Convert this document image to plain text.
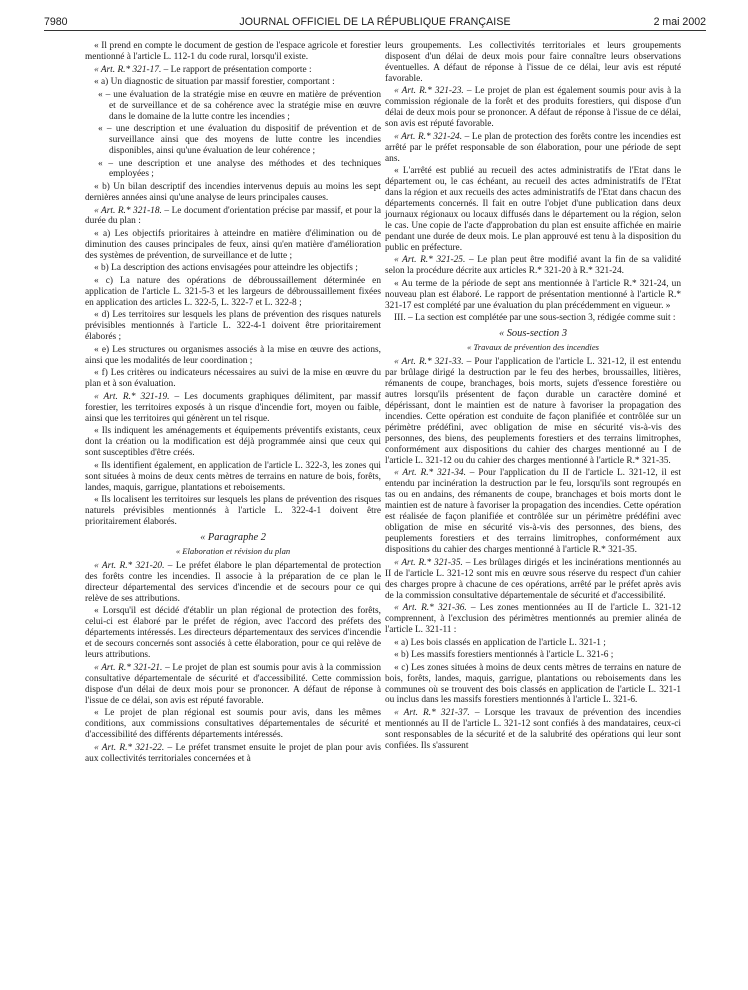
7980	JOURNAL OFFICIEL DE LA RÉPUBLIQUE FRANÇAISE	2 mai 2002
« Il prend en compte le document de gestion de l'espace agricole et forestier mentionné à l'article L. 112-1 du code rural, lorsqu'il existe.
« Art. R.* 321-17. – Le rapport de présentation comporte :
« a) Un diagnostic de situation par massif forestier, comportant :
« – une évaluation de la stratégie mise en œuvre en matière de prévention et de surveillance et de sa cohérence avec la stratégie mise en œuvre dans le domaine de la lutte contre les incendies ;
« – une description et une évaluation du dispositif de prévention et de surveillance ainsi que des moyens de lutte contre les incendies disponibles, ainsi qu'une évaluation de leur cohérence ;
« – une description et une analyse des méthodes et des techniques employées ;
« b) Un bilan descriptif des incendies intervenus depuis au moins les sept dernières années ainsi qu'une analyse de leurs principales causes.
« Art. R.* 321-18. – Le document d'orientation précise par massif, et pour la durée du plan :
« a) Les objectifs prioritaires à atteindre en matière d'élimination ou de diminution des causes principales de feux, ainsi qu'en matière d'amélioration des systèmes de prévention, de surveillance et de lutte ;
« b) La description des actions envisagées pour atteindre les objectifs ;
« c) La nature des opérations de débroussaillement déterminée en application de l'article L. 321-5-3 et les largeurs de débroussaillement fixées en application des articles L. 322-5, L. 322-7 et L. 322-8 ;
« d) Les territoires sur lesquels les plans de prévention des risques naturels prévisibles mentionnés à l'article L. 322-4-1 doivent être prioritairement élaborés ;
« e) Les structures ou organismes associés à la mise en œuvre des actions, ainsi que les modalités de leur coordination ;
« f) Les critères ou indicateurs nécessaires au suivi de la mise en œuvre du plan et à son évaluation.
« Art. R.* 321-19. – Les documents graphiques délimitent, par massif forestier, les territoires exposés à un risque d'incendie fort, moyen ou faible, ainsi que les territoires qui génèrent un tel risque.
« Ils indiquent les aménagements et équipements préventifs existants, ceux dont la création ou la modification est déjà programmée ainsi que ceux qui sont susceptibles d'être créés.
« Ils identifient également, en application de l'article L. 322-3, les zones qui sont situées à moins de deux cents mètres de terrains en nature de bois, forêts, landes, maquis, garrigue, plantations et reboisements.
« Ils localisent les territoires sur lesquels les plans de prévention des risques naturels prévisibles mentionnés à l'article L. 322-4-1 doivent être prioritairement élaborés.
« Paragraphe 2
« Elaboration et révision du plan
« Art. R.* 321-20. – Le préfet élabore le plan départemental de protection des forêts contre les incendies. Il associe à la préparation de ce plan le directeur départemental des services d'incendie et de secours pour ce qui relève de ses attributions.
« Lorsqu'il est décidé d'établir un plan régional de protection des forêts, celui-ci est élaboré par le préfet de région, avec l'accord des préfets des départements intéressés. Les directeurs départementaux des services d'incendie et de secours concernés sont associés à cette élaboration, pour ce qui relève de leurs attributions.
« Art. R.* 321-21. – Le projet de plan est soumis pour avis à la commission consultative départementale de sécurité et d'accessibilité. Cette commission dispose d'un délai de deux mois pour se prononcer. A défaut de réponse à l'issue de ce délai, son avis est réputé favorable.
« Le projet de plan régional est soumis pour avis, dans les mêmes conditions, aux commissions consultatives départementales de sécurité et d'accessibilité des différents départements intéressés.
« Art. R.* 321-22. – Le préfet transmet ensuite le projet de plan pour avis aux collectivités territoriales concernées et à
leurs groupements. Les collectivités territoriales et leurs groupements disposent d'un délai de deux mois pour faire connaître leurs observations éventuelles. A défaut de réponse à l'issue de ce délai, leur avis est réputé favorable.
« Art. R.* 321-23. – Le projet de plan est également soumis pour avis à la commission régionale de la forêt et des produits forestiers, qui dispose d'un délai de deux mois pour se prononcer. A défaut de réponse à l'issue de ce délai, son avis est réputé favorable.
« Art. R.* 321-24. – Le plan de protection des forêts contre les incendies est arrêté par le préfet responsable de son élaboration, pour une période de sept ans.
« L'arrêté est publié au recueil des actes administratifs de l'Etat dans le département ou, le cas échéant, au recueil des actes administratifs de l'Etat dans la région et aux recueils des actes administratifs de l'Etat dans chacun des départements concernés. Il fait en outre l'objet d'une publication dans deux journaux régionaux ou locaux diffusés dans le département ou la région, selon le cas. Une copie de l'acte d'approbation du plan est ensuite affichée en mairie pendant une durée de deux mois. Le plan approuvé est tenu à la disposition du public en préfecture.
« Art. R.* 321-25. – Le plan peut être modifié avant la fin de sa validité selon la procédure décrite aux articles R.* 321-20 à R.* 321-24.
« Au terme de la période de sept ans mentionnée à l'article R.* 321-24, un nouveau plan est élaboré. Le rapport de présentation mentionné à l'article R.* 321-17 est complété par une évaluation du plan précédemment en vigueur. »
III. – La section est complétée par une sous-section 3, rédigée comme suit :
« Sous-section 3
« Travaux de prévention des incendies
« Art. R.* 321-33. – Pour l'application de l'article L. 321-12, il est entendu par brûlage dirigé la destruction par le feu des herbes, broussailles, litières, rémanents de coupe, branchages, bois morts, sujets d'essence forestière ou autres lorsqu'ils présentent de façon durable un caractère dominé et dépérissant, dont le maintien est de nature à favoriser la propagation des incendies. Cette opération est conduite de façon planifiée et contrôlée sur un périmètre prédéfini, avec obligation de mise en sécurité vis-à-vis des personnes, des biens, des peuplements forestiers et des terrains limitrophes, conformément aux dispositions du cahier des charges mentionné au I de l'article L. 321-12 ou du cahier des charges mentionné à l'article R.* 321-35.
« Art. R.* 321-34. – Pour l'application du II de l'article L. 321-12, il est entendu par incinération la destruction par le feu, lorsqu'ils sont regroupés en tas ou en andains, des rémanents de coupe, branchages et bois morts dont le maintien est de nature à favoriser la propagation des incendies. Cette opération est réalisée de façon planifiée et contrôlée sur un périmètre prédéfini avec obligation de mise en sécurité vis-à-vis des personnes, des biens, des peuplements forestiers et des terrains limitrophes, conformément aux dispositions du cahier des charges mentionné à l'article R.* 321-35.
« Art. R.* 321-35. – Les brûlages dirigés et les incinérations mentionnés au II de l'article L. 321-12 sont mis en œuvre sous réserve du respect d'un cahier des charges propre à chacune de ces opérations, arrêté par le préfet après avis de la commission consultative départementale de sécurité et d'accessibilité.
« Art. R.* 321-36. – Les zones mentionnées au II de l'article L. 321-12 comprennent, à l'exclusion des périmètres mentionnés au premier alinéa de l'article L. 321-11 :
« a) Les bois classés en application de l'article L. 321-1 ;
« b) Les massifs forestiers mentionnés à l'article L. 321-6 ;
« c) Les zones situées à moins de deux cents mètres de terrains en nature de bois, forêts, landes, maquis, garrigue, plantations ou reboisements dans les communes où se trouvent des bois classés en application de l'article L. 321-1 ou inclus dans les massifs forestiers mentionnés à l'article L. 321-6.
« Art. R.* 321-37. – Lorsque les travaux de prévention des incendies mentionnés au II de l'article L. 321-12 sont confiés à des mandataires, ceux-ci sont responsables de la sécurité et de la salubrité des opérations qui leur sont confiées. Ils s'assurent
